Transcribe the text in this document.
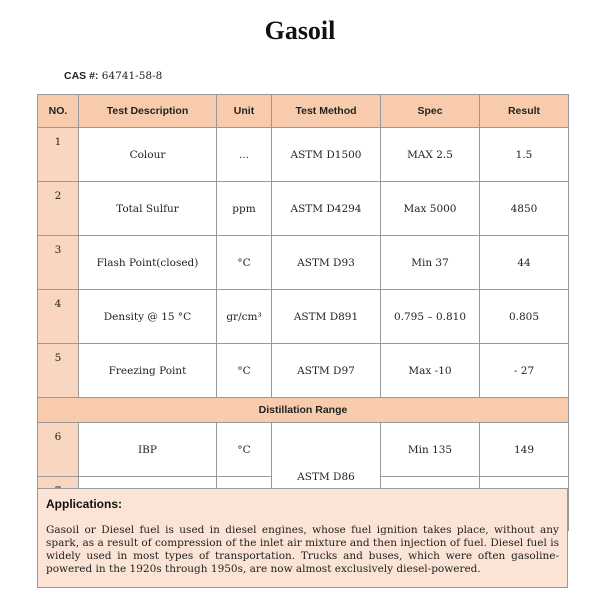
Gasoil
CAS #: 64741-58-8
NO.	Test Description	Unit	Test Method	Spec	Result
1	Colour	...	ASTM D1500	MAX 2.5	1.5
2	Total Sulfur	ppm	ASTM D4294	Max 5000	4850
3	Flash Point(closed)	°C	ASTM D93	Min 37	44
4	Density @ 15 °C	gr/cm³	ASTM D891	0.795 – 0.810	0.805
5	Freezing Point	°C	ASTM D97	Max -10	- 27
Distillation Range					
6	IBP	°C	ASTM D86	Min 135	149

Applications:
Gasoil or Diesel fuel is used in diesel engines, whose fuel ignition takes place, without any spark, as a result of compression of the inlet air mixture and then injection of fuel. Diesel fuel is widely used in most types of transportation. Trucks and buses, which were often gasoline-powered in the 1920s through 1950s, are now almost exclusively diesel-powered.
